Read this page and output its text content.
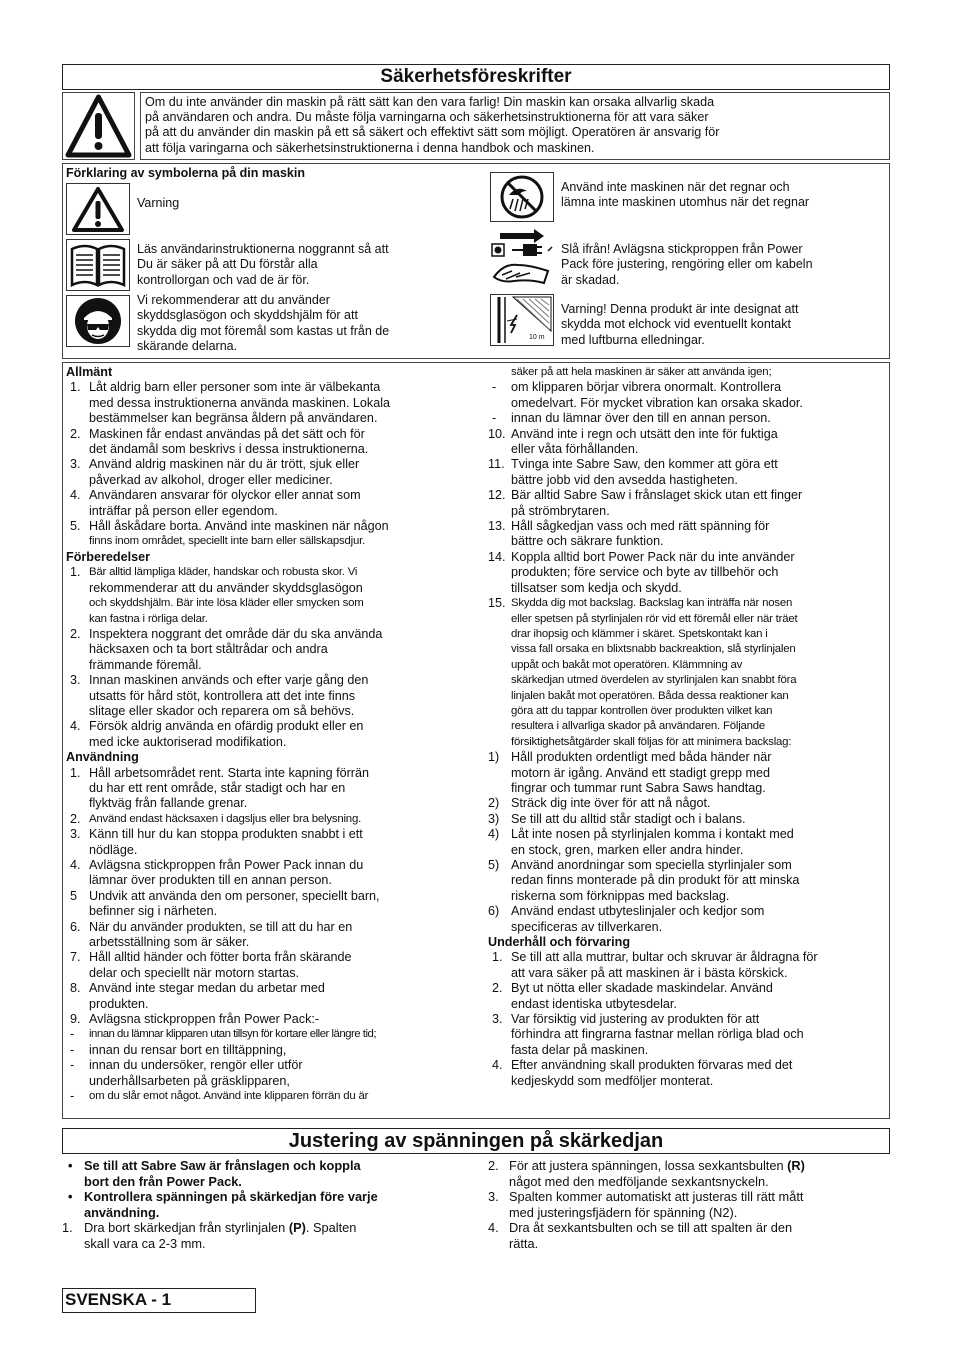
Säkerhetsföreskrifter
Om du inte använder din maskin på rätt sätt kan den vara farlig! Din maskin kan orsaka allvarlig skada
på användaren och andra. Du måste följa varningarna och säkerhetsinstruktionerna för att vara säker
på att du använder din maskin på ett så säkert och effektivt sätt som möjligt. Operatören är ansvarig för
att följa varingarna och säkerhetsinstruktionerna i denna handbok och maskinen.
Förklaring av symbolerna på din maskin
Varning
Läs användarinstruktionerna noggrannt så att
Du är säker på att Du förstår alla
kontrollorgan och vad de är för.
Vi rekommenderar att du använder
skyddsglasögon och skyddshjälm för att
skydda dig mot föremål som kastas ut från de
skärande delarna.
Använd inte maskinen när det regnar och
lämna inte maskinen utomhus när det regnar
Slå ifrån! Avlägsna stickproppen från Power
Pack före justering, rengöring eller om kabeln
är skadad.
10 m
Varning! Denna produkt är inte designat att
skydda mot elchock vid eventuellt kontakt
med luftburna elledningar.
Allmänt
1. Låt aldrig barn eller personer som inte är välbekanta
med dessa instruktionerna använda maskinen. Lokala
bestämmelser kan begränsa åldern på användaren.
2. Maskinen får endast användas på det sätt och för
det ändamål som beskrivs i dessa instruktionerna.
3. Använd aldrig maskinen när du är trött, sjuk eller
påverkad av alkohol, droger eller mediciner.
4. Användaren ansvarar för olyckor eller annat som
inträffar på person eller egendom.
5. Håll åskådare borta. Använd inte maskinen när någon
finns inom området, speciellt inte barn eller sällskapsdjur.
Förberedelser
1. Bär alltid lämpliga kläder, handskar och robusta skor. Vi
rekommenderar att du använder skyddsglasögon
och skyddshjälm. Bär inte lösa kläder eller smycken som
kan fastna i rörliga delar.
2. Inspektera noggrant det område där du ska använda
häcksaxen och ta bort ståltrådar och andra
främmande föremål.
3. Innan maskinen används och efter varje gång den
utsatts för hård stöt, kontrollera att det inte finns
slitage eller skador och reparera om så behövs.
4. Försök aldrig använda en ofärdig produkt eller en
med icke auktoriserad modifikation.
Användning
1. Håll arbetsområdet rent. Starta inte kapning förrän
du har ett rent område, står stadigt och har en
flyktväg från fallande grenar.
2. Använd endast häcksaxen i dagsljus eller bra belysning.
3. Känn till hur du kan stoppa produkten snabbt i ett
nödläge.
4. Avlägsna stickproppen från Power Pack innan du
lämnar över produkten till en annan person.
5 Undvik att använda den om personer, speciellt barn,
befinner sig i närheten.
6. När du använder produkten, se till att du har en
arbetsställning som är säker.
7. Håll alltid händer och fötter borta från skärande
delar och speciellt när motorn startas.
8. Använd inte stegar medan du arbetar med
produkten.
9. Avlägsna stickproppen från Power Pack:-
- innan du lämnar klipparen utan tillsyn för kortare eller längre tid;
- innan du rensar bort en tilltäppning,
- innan du undersöker, rengör eller utför
underhållsarbeten på gräsklipparen,
- om du slår emot något. Använd inte klipparen förrän du är
säker på att hela maskinen är säker att använda igen;
- om klipparen börjar vibrera onormalt. Kontrollera
omedelvart. För mycket vibration kan orsaka skador.
- innan du lämnar över den till en annan person.
10. Använd inte i regn och utsätt den inte för fuktiga
eller våta förhållanden.
11. Tvinga inte Sabre Saw, den kommer att göra ett
bättre jobb vid den avsedda hastigheten.
12. Bär alltid Sabre Saw i frånslaget skick utan ett finger
på strömbrytaren.
13. Håll sågkedjan vass och med rätt spänning för
bättre och säkrare funktion.
14. Koppla alltid bort Power Pack när du inte använder
produkten; före service och byte av tillbehör och
tillsatser som kedja och skydd.
15. Skydda dig mot backslag. Backslag kan inträffa när nosen
eller spetsen på styrlinjalen rör vid ett föremål eller när träet
drar ihopsig och klämmer i skäret. Spetskontakt kan i
vissa fall orsaka en blixtsnabb backreaktion, slå styrlinjalen
uppåt och bakåt mot operatören. Klämmning av
skärkedjan utmed överdelen av styrlinjalen kan snabbt föra
linjalen bakåt mot operatören. Båda dessa reaktioner kan
göra att du tappar kontrollen över produkten vilket kan
resultera i allvarliga skador på användaren. Följande
försiktighetsåtgärder skall följas för att minimera backslag:
1) Håll produkten ordentligt med båda händer när
motorn är igång. Använd ett stadigt grepp med
fingrar och tummar runt Sabra Saws handtag.
2) Sträck dig inte över för att nå något.
3) Se till att du alltid står stadigt och i balans.
4) Låt inte nosen på styrlinjalen komma i kontakt med
en stock, gren, marken eller andra hinder.
5) Använd anordningar som speciella styrlinjaler som
redan finns monterade på din produkt för att minska
riskerna som förknippas med backslag.
6) Använd endast utbyteslinjaler och kedjor som
specificeras av tillverkaren.
Underhåll och förvaring
1. Se till att alla muttrar, bultar och skruvar är åldragna för
att vara säker på att maskinen är i bästa körskick.
2. Byt ut nötta eller skadade maskindelar. Använd
endast identiska utbytesdelar.
3. Var försiktig vid justering av produkten för att
förhindra att fingrarna fastnar mellan rörliga blad och
fasta delar på maskinen.
4. Efter användning skall produkten förvaras med det
kedjeskydd som medföljer monterat.
Justering av spänningen på skärkedjan
• Se till att Sabre Saw är frånslagen och koppla
bort den från Power Pack.
• Kontrollera spänningen på skärkedjan före varje
användning.
1. Dra bort skärkedjan från styrlinjalen (P). Spalten
skall vara ca 2-3 mm.
2. För att justera spänningen, lossa sexkantsbulten (R)
något med den medföljande sexkantsnyckeln.
3. Spalten kommer automatiskt att justeras till rätt mått
med justeringsfjädern för spänning (N2).
4. Dra åt sexkantsbulten och se till att spalten är den
rätta.
SVENSKA - 1
